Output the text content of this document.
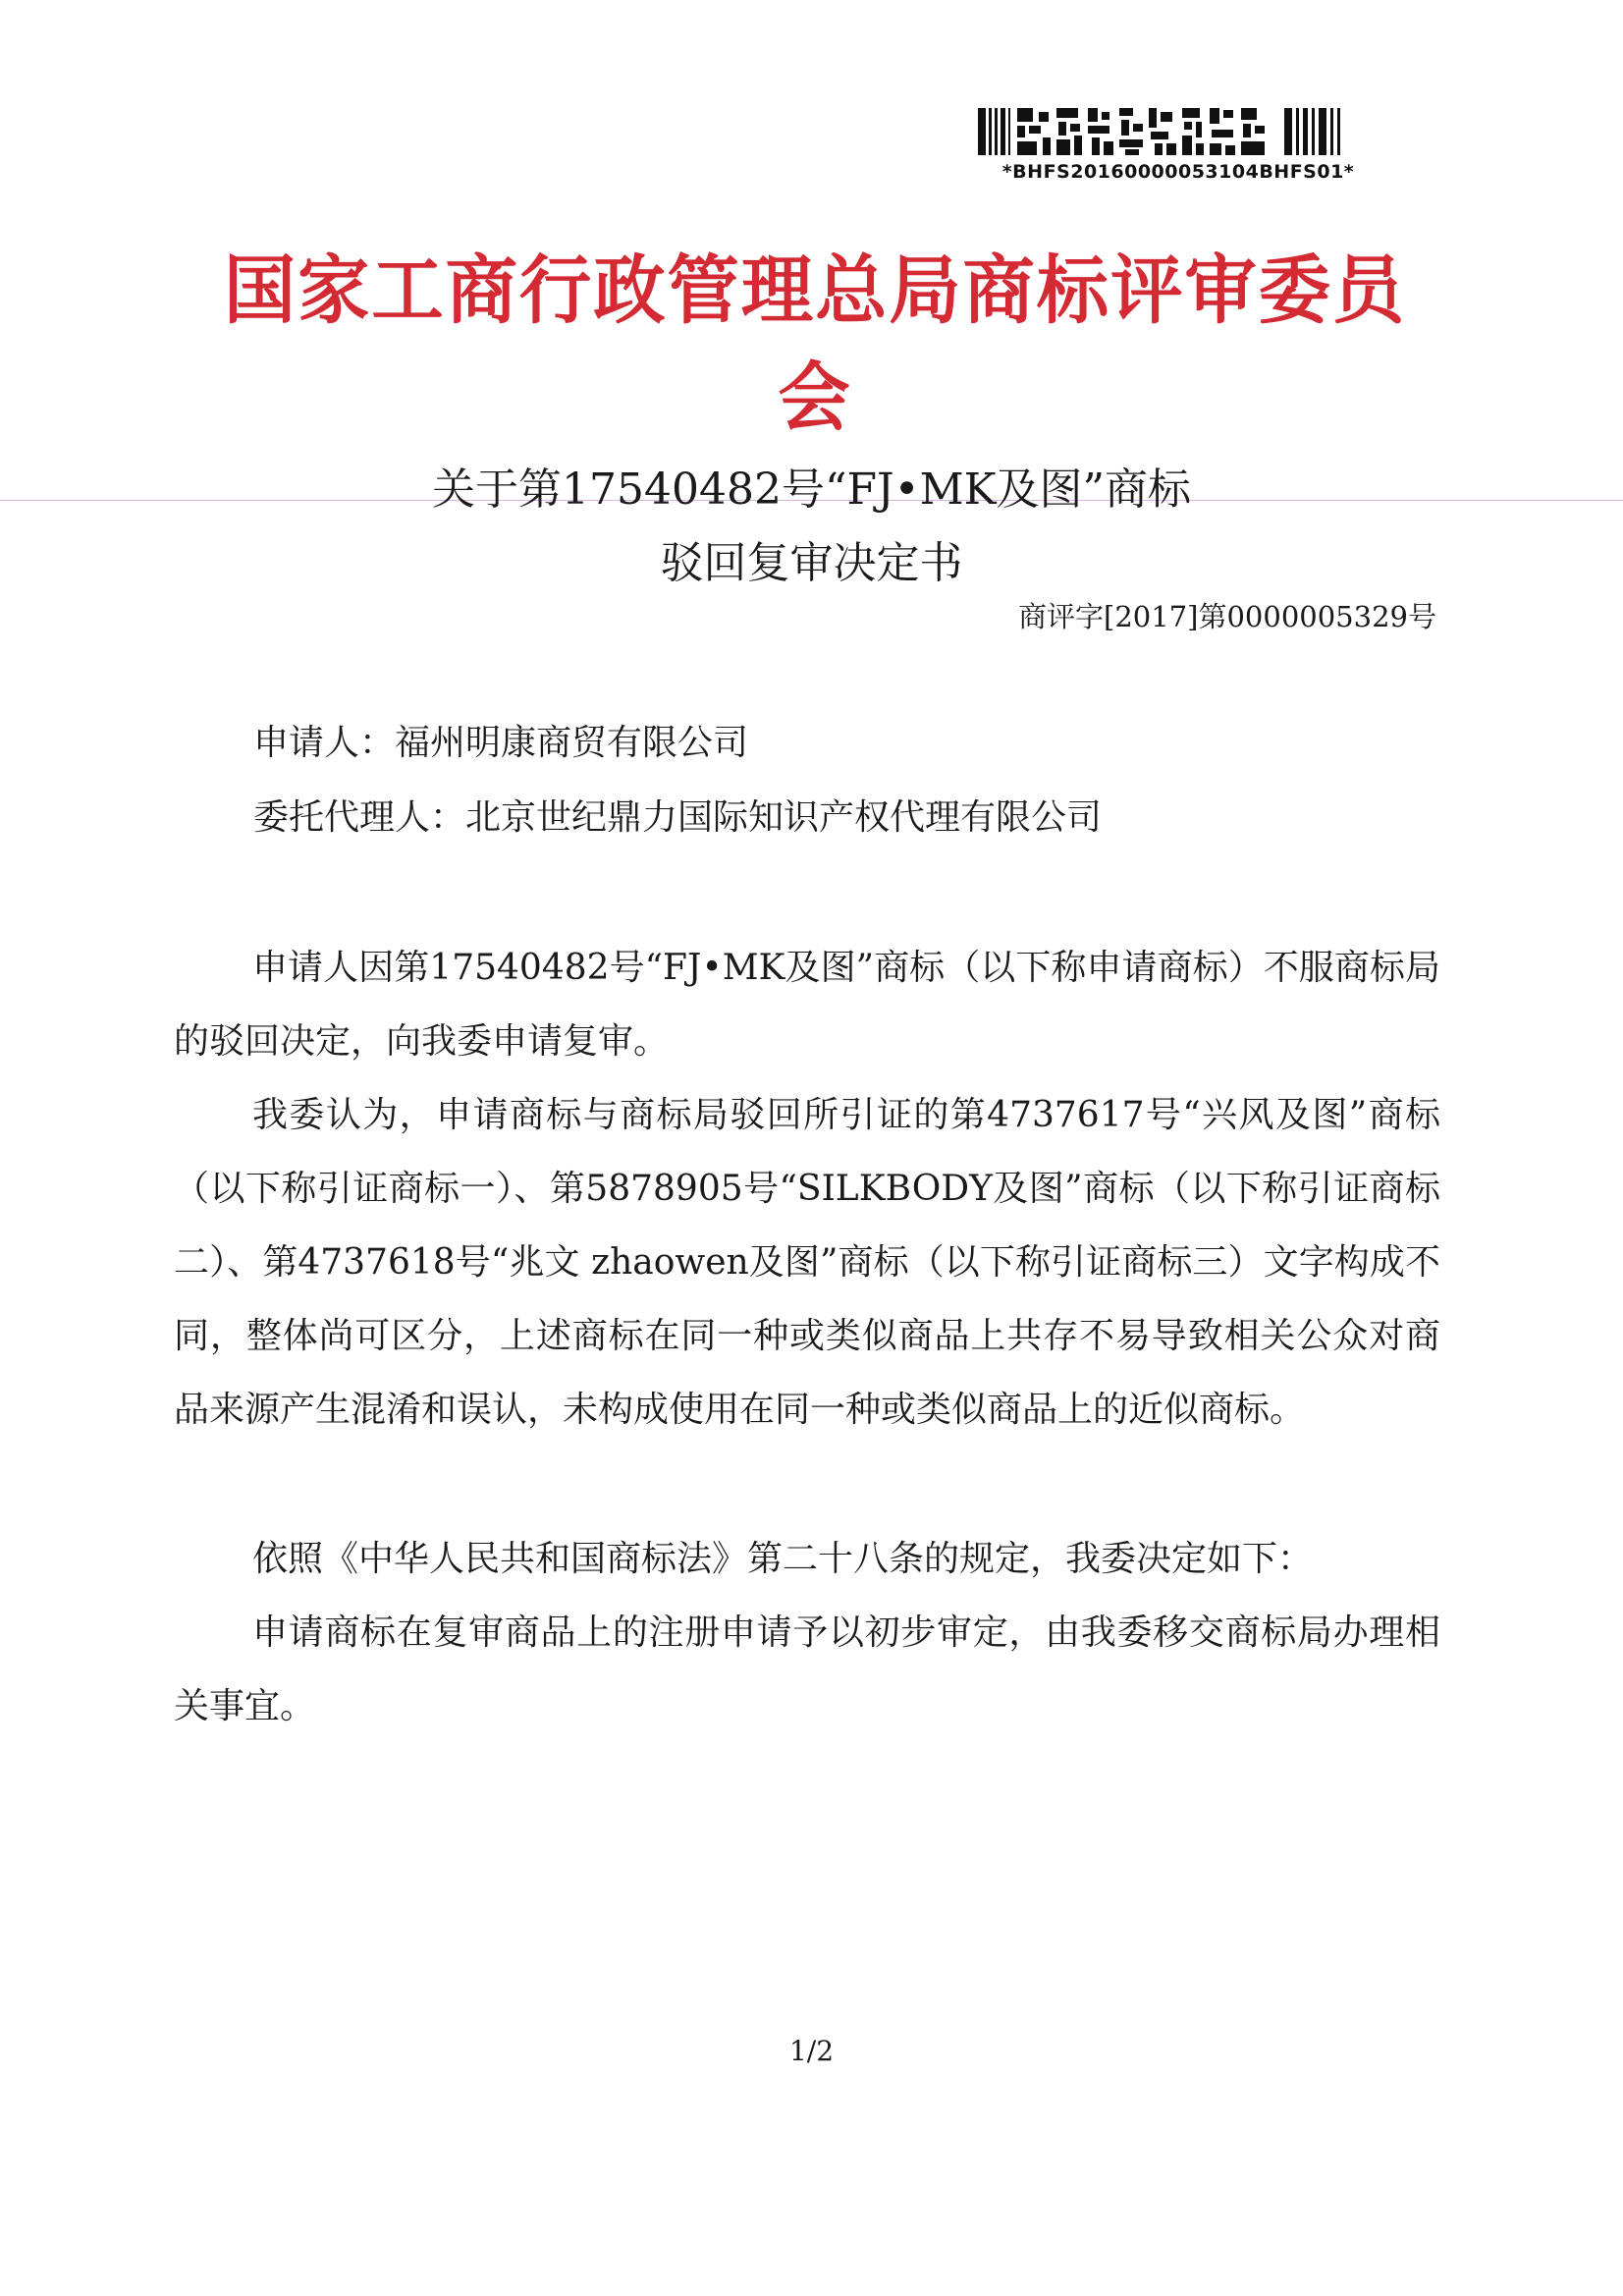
*BHFS20160000053104BHFS01*
国家工商行政管理总局商标评审委员会
关于第17540482号“FJ•MK及图”商标
驳回复审决定书
商评字[2017]第0000005329号
申请人：福州明康商贸有限公司
委托代理人：北京世纪鼎力国际知识产权代理有限公司

申请人因第17540482号“FJ•MK及图”商标（以下称申请商标）不服商标局的驳回决定，向我委申请复审。

我委认为，申请商标与商标局驳回所引证的第4737617号“兴风及图”商标（以下称引证商标一）、第5878905号“SILKBODY及图”商标（以下称引证商标二）、第4737618号“兆文 zhaowen及图”商标（以下称引证商标三）文字构成不同，整体尚可区分，上述商标在同一种或类似商品上共存不易导致相关公众对商品来源产生混淆和误认，未构成使用在同一种或类似商品上的近似商标。

依照《中华人民共和国商标法》第二十八条的规定，我委决定如下：

申请商标在复审商品上的注册申请予以初步审定，由我委移交商标局办理相关事宜。

1/2
